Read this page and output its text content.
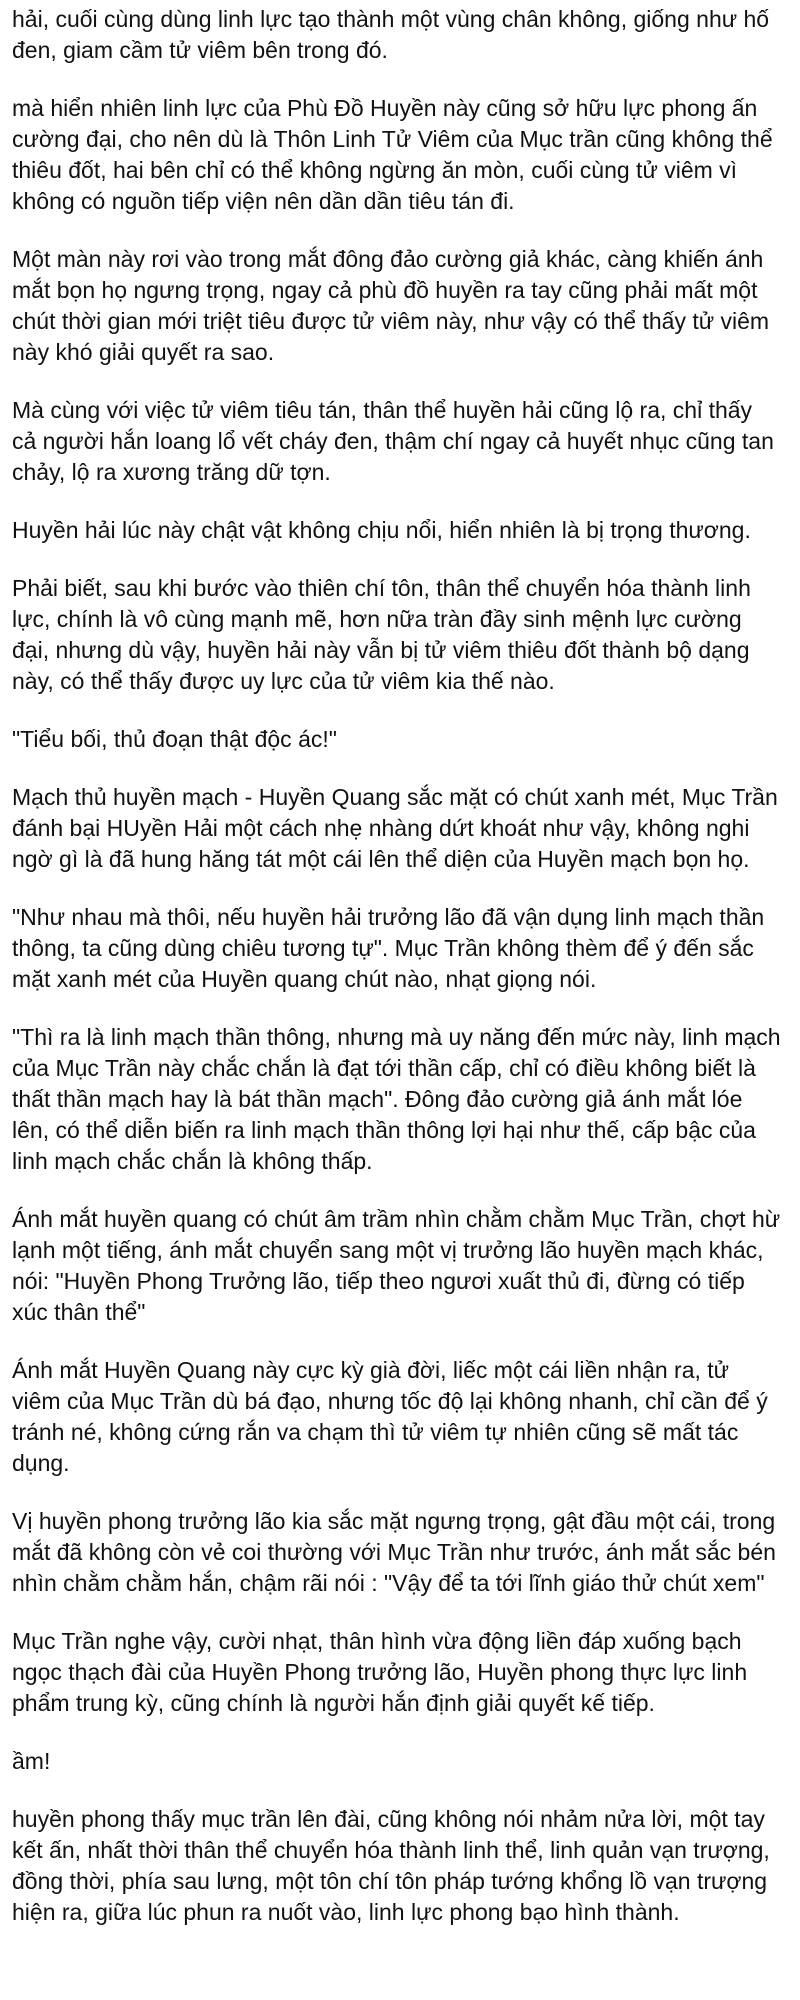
hải, cuối cùng dùng linh lực tạo thành một vùng chân không, giống như hố đen, giam cầm tử viêm bên trong đó.

mà hiển nhiên linh lực của Phù Đồ Huyền này cũng sở hữu lực phong ấn cường đại, cho nên dù là Thôn Linh Tử Viêm của Mục trần cũng không thể thiêu đốt, hai bên chỉ có thể không ngừng ăn mòn, cuối cùng tử viêm vì không có nguồn tiếp viện nên dần dần tiêu tán đi.

Một màn này rơi vào trong mắt đông đảo cường giả khác, càng khiến ánh mắt bọn họ ngưng trọng, ngay cả phù đồ huyền ra tay cũng phải mất một chút thời gian mới triệt tiêu được tử viêm này, như vậy có thể thấy tử viêm này khó giải quyết ra sao.

Mà cùng với việc tử viêm tiêu tán, thân thể huyền hải cũng lộ ra, chỉ thấy cả người hắn loang lổ vết cháy đen, thậm chí ngay cả huyết nhục cũng tan chảy, lộ ra xương trăng dữ tợn.

Huyền hải lúc này chật vật không chịu nổi, hiển nhiên là bị trọng thương.

Phải biết, sau khi bước vào thiên chí tôn, thân thể chuyển hóa thành linh lực, chính là vô cùng mạnh mẽ, hơn nữa tràn đầy sinh mệnh lực cường đại, nhưng dù vậy, huyền hải này vẫn bị tử viêm thiêu đốt thành bộ dạng này, có thể thấy được uy lực của tử viêm kia thế nào.

"Tiểu bối, thủ đoạn thật độc ác!"

Mạch thủ huyền mạch - Huyền Quang sắc mặt có chút xanh mét, Mục Trần đánh bại HUyền Hải một cách nhẹ nhàng dứt khoát như vậy, không nghi ngờ gì là đã hung hăng tát một cái lên thể diện của Huyền mạch bọn họ.

"Như nhau mà thôi, nếu huyền hải trưởng lão đã vận dụng linh mạch thần thông, ta cũng dùng chiêu tương tự". Mục Trần không thèm để ý đến sắc mặt xanh mét của Huyền quang chút nào, nhạt giọng nói.

"Thì ra là linh mạch thần thông, nhưng mà uy năng đến mức này, linh mạch của Mục Trần này chắc chắn là đạt tới thần cấp, chỉ có điều không biết là thất thần mạch hay là bát thần mạch". Đông đảo cường giả ánh mắt lóe lên, có thể diễn biến ra linh mạch thần thông lợi hại như thế, cấp bậc của linh mạch chắc chắn là không thấp.

Ánh mắt huyền quang có chút âm trầm nhìn chằm chằm Mục Trần, chợt hừ lạnh một tiếng, ánh mắt chuyển sang một vị trưởng lão huyền mạch khác, nói: "Huyền Phong Trưởng lão, tiếp theo ngươi xuất thủ đi, đừng có tiếp xúc thân thể"

Ánh mắt Huyền Quang này cực kỳ già đời, liếc một cái liền nhận ra, tử viêm của Mục Trần dù bá đạo, nhưng tốc độ lại không nhanh, chỉ cần để ý tránh né, không cứng rắn va chạm thì tử viêm tự nhiên cũng sẽ mất tác dụng.

Vị huyền phong trưởng lão kia sắc mặt ngưng trọng, gật đầu một cái, trong mắt đã không còn vẻ coi thường với Mục Trần như trước, ánh mắt sắc bén nhìn chằm chằm hắn, chậm rãi nói : "Vậy để ta tới lĩnh giáo thử chút xem"

Mục Trần nghe vậy, cười nhạt, thân hình vừa động liền đáp xuống bạch ngọc thạch đài của Huyền Phong trưởng lão, Huyền phong thực lực linh phẩm trung kỳ, cũng chính là người hắn định giải quyết kế tiếp.

ầm!

huyền phong thấy mục trần lên đài, cũng không nói nhảm nửa lời, một tay kết ấn, nhất thời thân thể chuyển hóa thành linh thể, linh quản vạn trượng, đồng thời, phía sau lưng, một tôn chí tôn pháp tướng khổng lồ vạn trượng hiện ra, giữa lúc phun ra nuốt vào, linh lực phong bạo hình thành.
